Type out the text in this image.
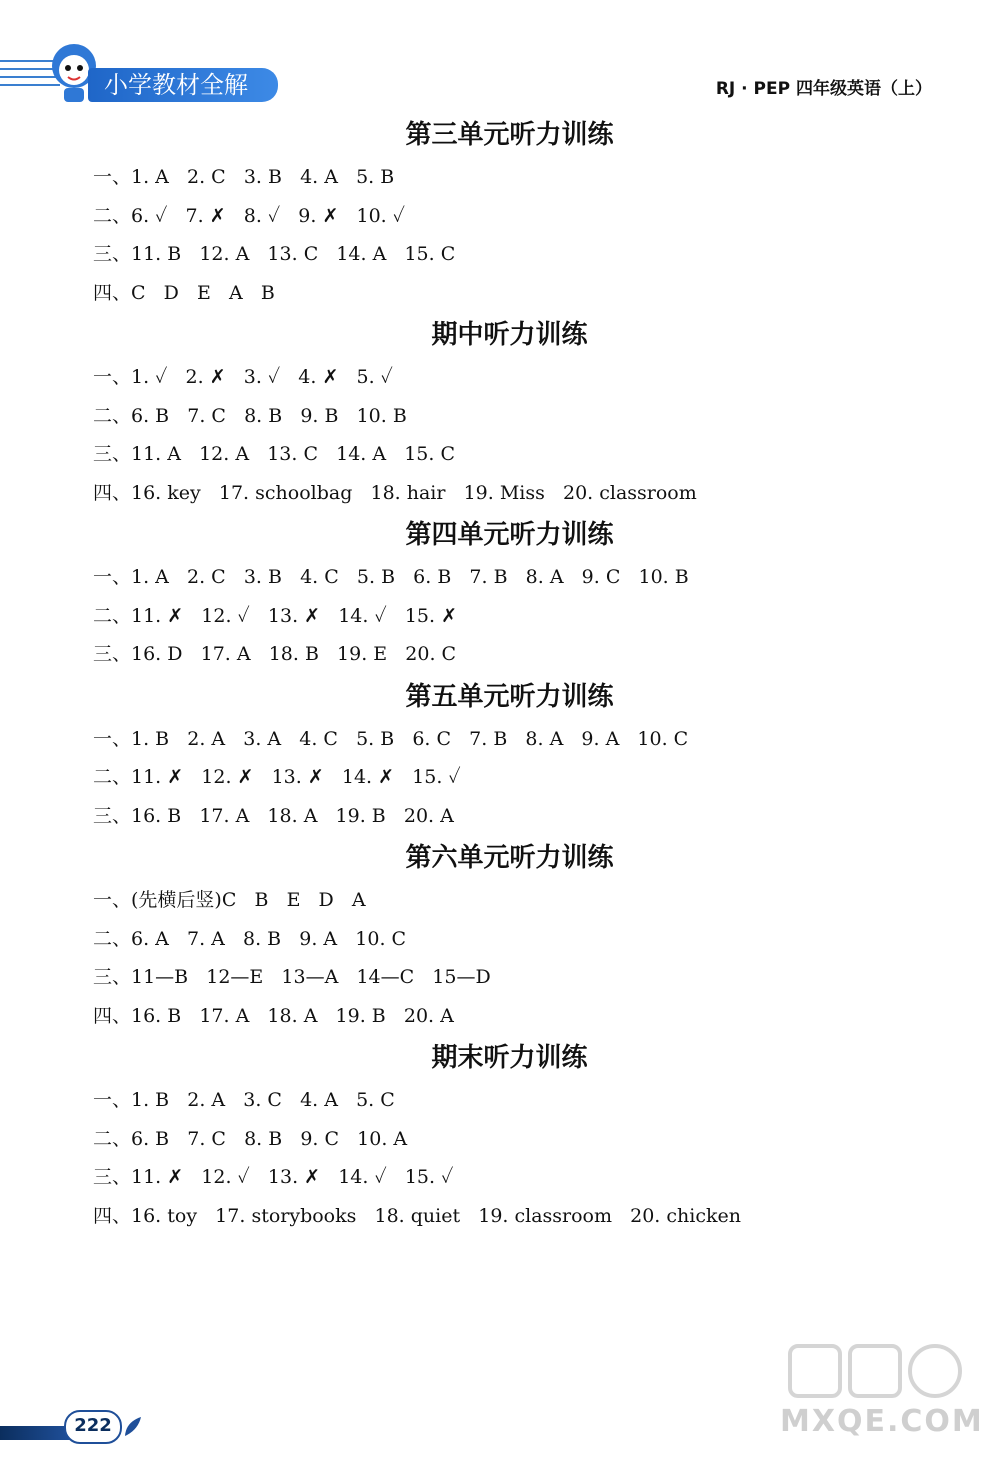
小学教材全解	RJ · PEP 四年级英语（上）
第三单元听力训练
一、1. A   2. C   3. B   4. A   5. B
二、6. ✓   7. ✗   8. ✓   9. ✗   10. ✓
三、11. B   12. A   13. C   14. A   15. C
四、C   D   E   A   B
期中听力训练
一、1. ✓   2. ✗   3. ✓   4. ✗   5. ✓
二、6. B   7. C   8. B   9. B   10. B
三、11. A   12. A   13. C   14. A   15. C
四、16. key   17. schoolbag   18. hair   19. Miss   20. classroom
第四单元听力训练
一、1. A   2. C   3. B   4. C   5. B   6. B   7. B   8. A   9. C   10. B
二、11. ✗   12. ✓   13. ✗   14. ✓   15. ✗
三、16. D   17. A   18. B   19. E   20. C
第五单元听力训练
一、1. B   2. A   3. A   4. C   5. B   6. C   7. B   8. A   9. A   10. C
二、11. ✗   12. ✗   13. ✗   14. ✗   15. ✓
三、16. B   17. A   18. A   19. B   20. A
第六单元听力训练
一、(先横后竖)C   B   E   D   A
二、6. A   7. A   8. B   9. A   10. C
三、11—B   12—E   13—A   14—C   15—D
四、16. B   17. A   18. A   19. B   20. A
期末听力训练
一、1. B   2. A   3. C   4. A   5. C
二、6. B   7. C   8. B   9. C   10. A
三、11. ✗   12. ✓   13. ✗   14. ✓   15. ✓
四、16. toy   17. storybooks   18. quiet   19. classroom   20. chicken
222	MXQE.COM
